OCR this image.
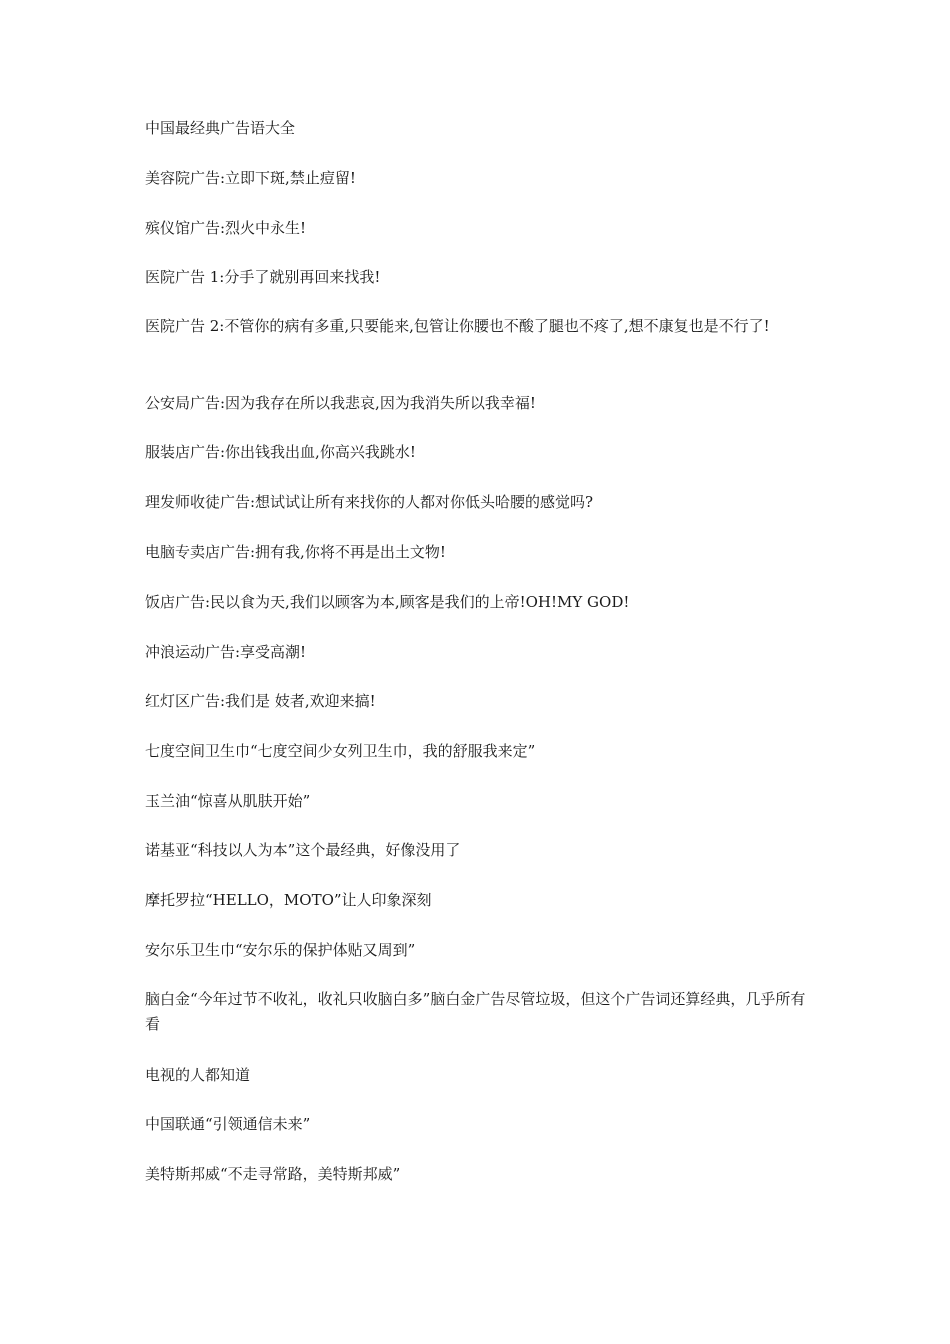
中国最经典广告语大全

美容院广告:立即下斑,禁止痘留!

殡仪馆广告:烈火中永生!

医院广告 1:分手了就别再回来找我!

医院广告 2:不管你的病有多重,只要能来,包管让你腰也不酸了腿也不疼了,想不康复也是不行了!

公安局广告:因为我存在所以我悲哀,因为我消失所以我幸福!

服装店广告:你出钱我出血,你高兴我跳水!

理发师收徒广告:想试试让所有来找你的人都对你低头哈腰的感觉吗?

电脑专卖店广告:拥有我,你将不再是出土文物!

饭店广告:民以食为天,我们以顾客为本,顾客是我们的上帝!OH!MY GOD!

冲浪运动广告:享受高潮!

红灯区广告:我们是 妓者,欢迎来搞!

七度空间卫生巾“七度空间少女列卫生巾，我的舒服我来定”

玉兰油“惊喜从肌肤开始”

诺基亚“科技以人为本”这个最经典，好像没用了

摩托罗拉“HELLO，MOTO”让人印象深刻

安尔乐卫生巾“安尔乐的保护体贴又周到”

脑白金“今年过节不收礼，收礼只收脑白多”脑白金广告尽管垃圾，但这个广告词还算经典，几乎所有看

电视的人都知道

中国联通“引领通信未来”

美特斯邦威“不走寻常路，美特斯邦威”
